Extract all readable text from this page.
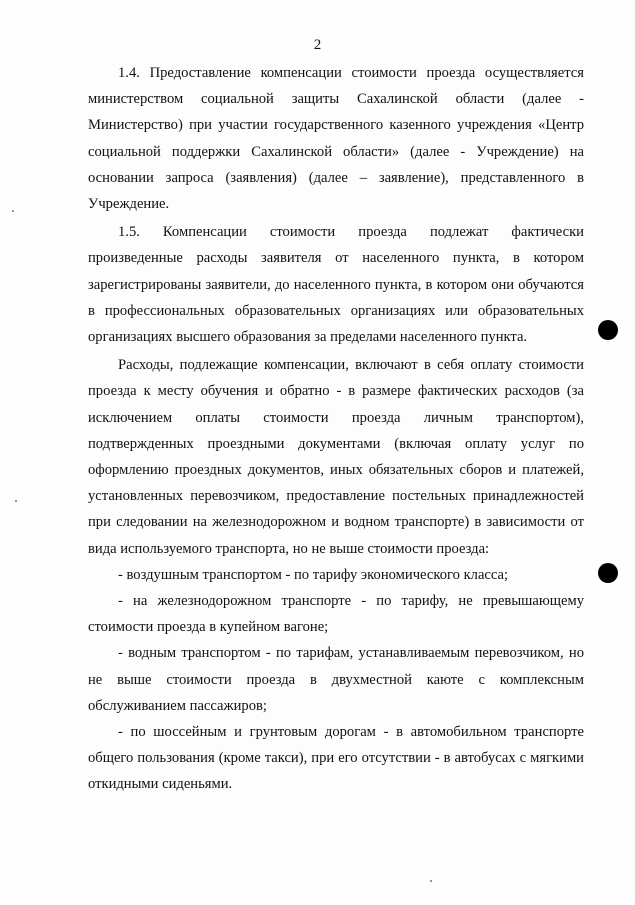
2

1.4. Предоставление компенсации стоимости проезда осуществляется министерством социальной защиты Сахалинской области (далее - Министерство) при участии государственного казенного учреждения «Центр социальной поддержки Сахалинской области» (далее - Учреждение) на основании запроса (заявления) (далее – заявление), представленного в Учреждение.

1.5. Компенсации стоимости проезда подлежат фактически произведенные расходы заявителя от населенного пункта, в котором зарегистрированы заявители, до населенного пункта, в котором они обучаются в профессиональных образовательных организациях или образовательных организациях высшего образования за пределами населенного пункта.

Расходы, подлежащие компенсации, включают в себя оплату стоимости проезда к месту обучения и обратно - в размере фактических расходов (за исключением оплаты стоимости проезда личным транспортом), подтвержденных проездными документами (включая оплату услуг по оформлению проездных документов, иных обязательных сборов и платежей, установленных перевозчиком, предоставление постельных принадлежностей при следовании на железнодорожном и водном транспорте) в зависимости от вида используемого транспорта, но не выше стоимости проезда:

- воздушным транспортом - по тарифу экономического класса;

- на железнодорожном транспорте - по тарифу, не превышающему стоимости проезда в купейном вагоне;

- водным транспортом - по тарифам, устанавливаемым перевозчиком, но не выше стоимости проезда в двухместной каюте с комплексным обслуживанием пассажиров;

- по шоссейным и грунтовым дорогам - в автомобильном транспорте общего пользования (кроме такси), при его отсутствии - в автобусах с мягкими откидными сиденьями.
